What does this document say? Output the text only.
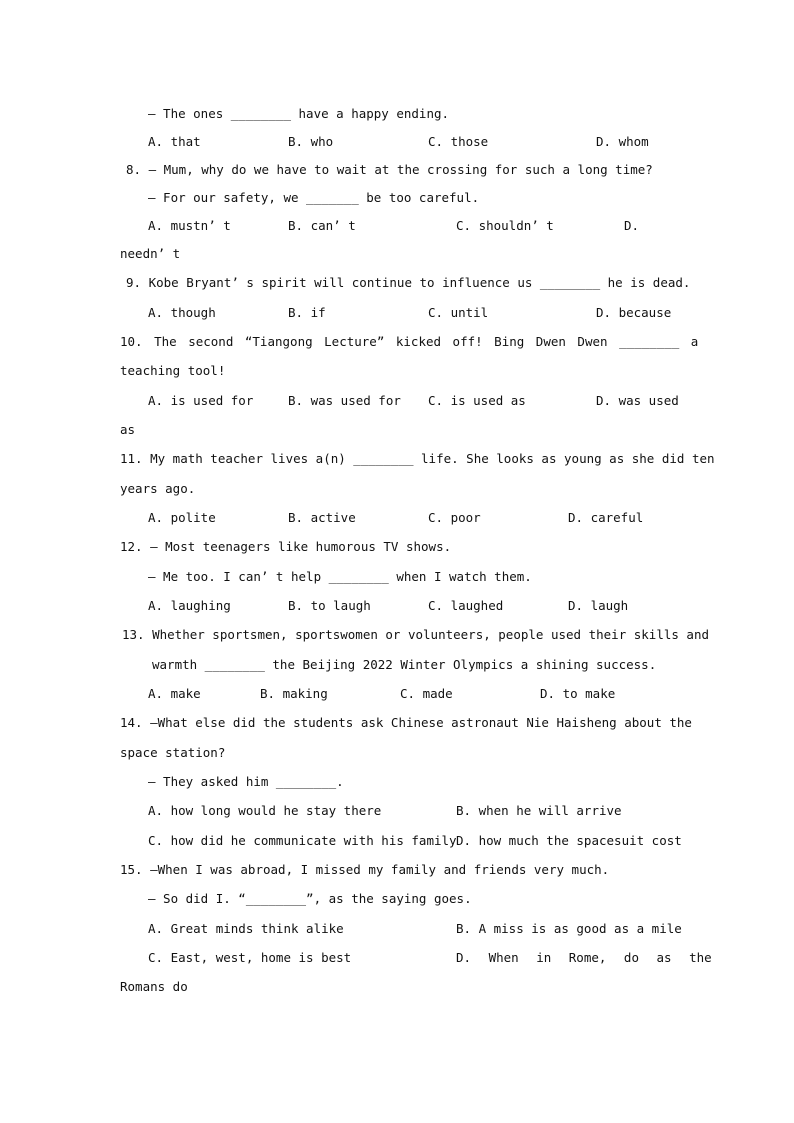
— The ones ________ have a happy ending.
A. that	B. who	C. those	D. whom
8. — Mum, why do we have to wait at the crossing for such a long time?
— For our safety, we _______ be too careful.
A. mustn’ t	B. can’ t	C. shouldn’ t	D.
needn’ t
9. Kobe Bryant’ s spirit will continue to influence us ________ he is dead.
A. though	B. if	C. until	D. because
10. The second “Tiangong Lecture” kicked off! Bing Dwen Dwen ________ a
teaching tool!
A. is used for	B. was used for C. is used as	D. was used
as
11. My math teacher lives a(n) ________ life. She looks as young as she did ten
years ago.
A. polite	B. active	C. poor	D. careful
12. — Most teenagers like humorous TV shows.
— Me too. I can’ t help ________ when I watch them.
A. laughing	B. to laugh	C. laughed	D. laugh
13. Whether sportsmen, sportswomen or volunteers, people used their skills and
warmth ________ the Beijing 2022 Winter Olympics a shining success.
A. make	B. making	C. made	D. to make
14. —What else did the students ask Chinese astronaut Nie Haisheng about the
space station?
— They asked him ________.
A. how long would he stay there	B. when he will arrive
C. how did he communicate with his family D. how much the spacesuit cost
15. —When I was abroad, I missed my family and friends very much.
— So did I. “________”, as the saying goes.
A. Great minds think alike	B. A miss is as good as a mile
C. East, west, home is best	D. When in Rome, do as the
Romans do
